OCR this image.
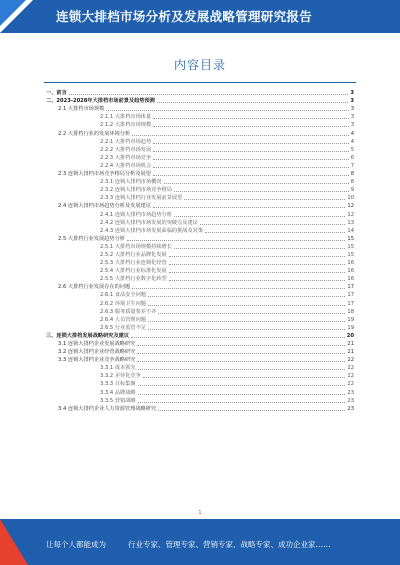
连锁大排档市场分析及发展战略管理研究报告
内容目录
一、前言	3
二、2023-2028年大排档市场前景及趋势预测	3
2.1 大排档市场规模	3
2.1.1 大排档市场体量	3
2.1.2 大排档市场规模	3
2.2 大排档行业的发展环境分析	4
2.2.1 大排档市场趋势	4
2.2.2 大排档市场发展	5
2.2.3 大排档市场竞争	6
2.2.4 大排档市场机会	7
2.3 连锁大排档市场竞争格局分析及展望	8
2.3.1 连锁大排档市场概况	8
2.3.2 连锁大排档市场竞争格局	9
2.3.3 连锁大排档行业发展前景展望	10
2.4 连锁大排档市场趋势分析及发展建议	12
2.4.1 连锁大排档市场趋势分析	12
2.4.2 连锁大排档市场发展的突破点及建议	13
2.4.3 连锁大排档市场发展面临的挑战及对策	14
2.5 大排档行业发展趋势分析	15
2.5.1 大排档市场规模持续增长	15
2.5.2 大排档行业品牌化发展	15
2.5.3 大排档行业连锁化经营	16
2.5.4 大排档行业标准化发展	16
2.5.5 大排档行业数字化转型	16
2.6 大排档行业发展存在的问题	17
2.6.1 食品安全问题	17
2.6.2 环境卫生问题	17
2.6.3 服务质量参差不齐	18
2.6.4 人员管理问题	19
2.6.5 行业监管不足	19
三、连锁大排档发展战略研究及建议	20
3.1 连锁大排档企业发展战略研究	21
3.2 连锁大排档企业经营战略研究	21
3.3 连锁大排档企业竞争战略研究	22
3.3.1 成本领先	22
3.3.2 差异化竞争	22
3.3.3 目标集聚	22
3.3.4 品牌战略	23
3.3.5 营销战略	23
3.4 连锁大排档企业人力资源管理战略研究	23
1
让每个人都能成为	行业专家、管理专家、营销专家、战略专家、成功企业家……
